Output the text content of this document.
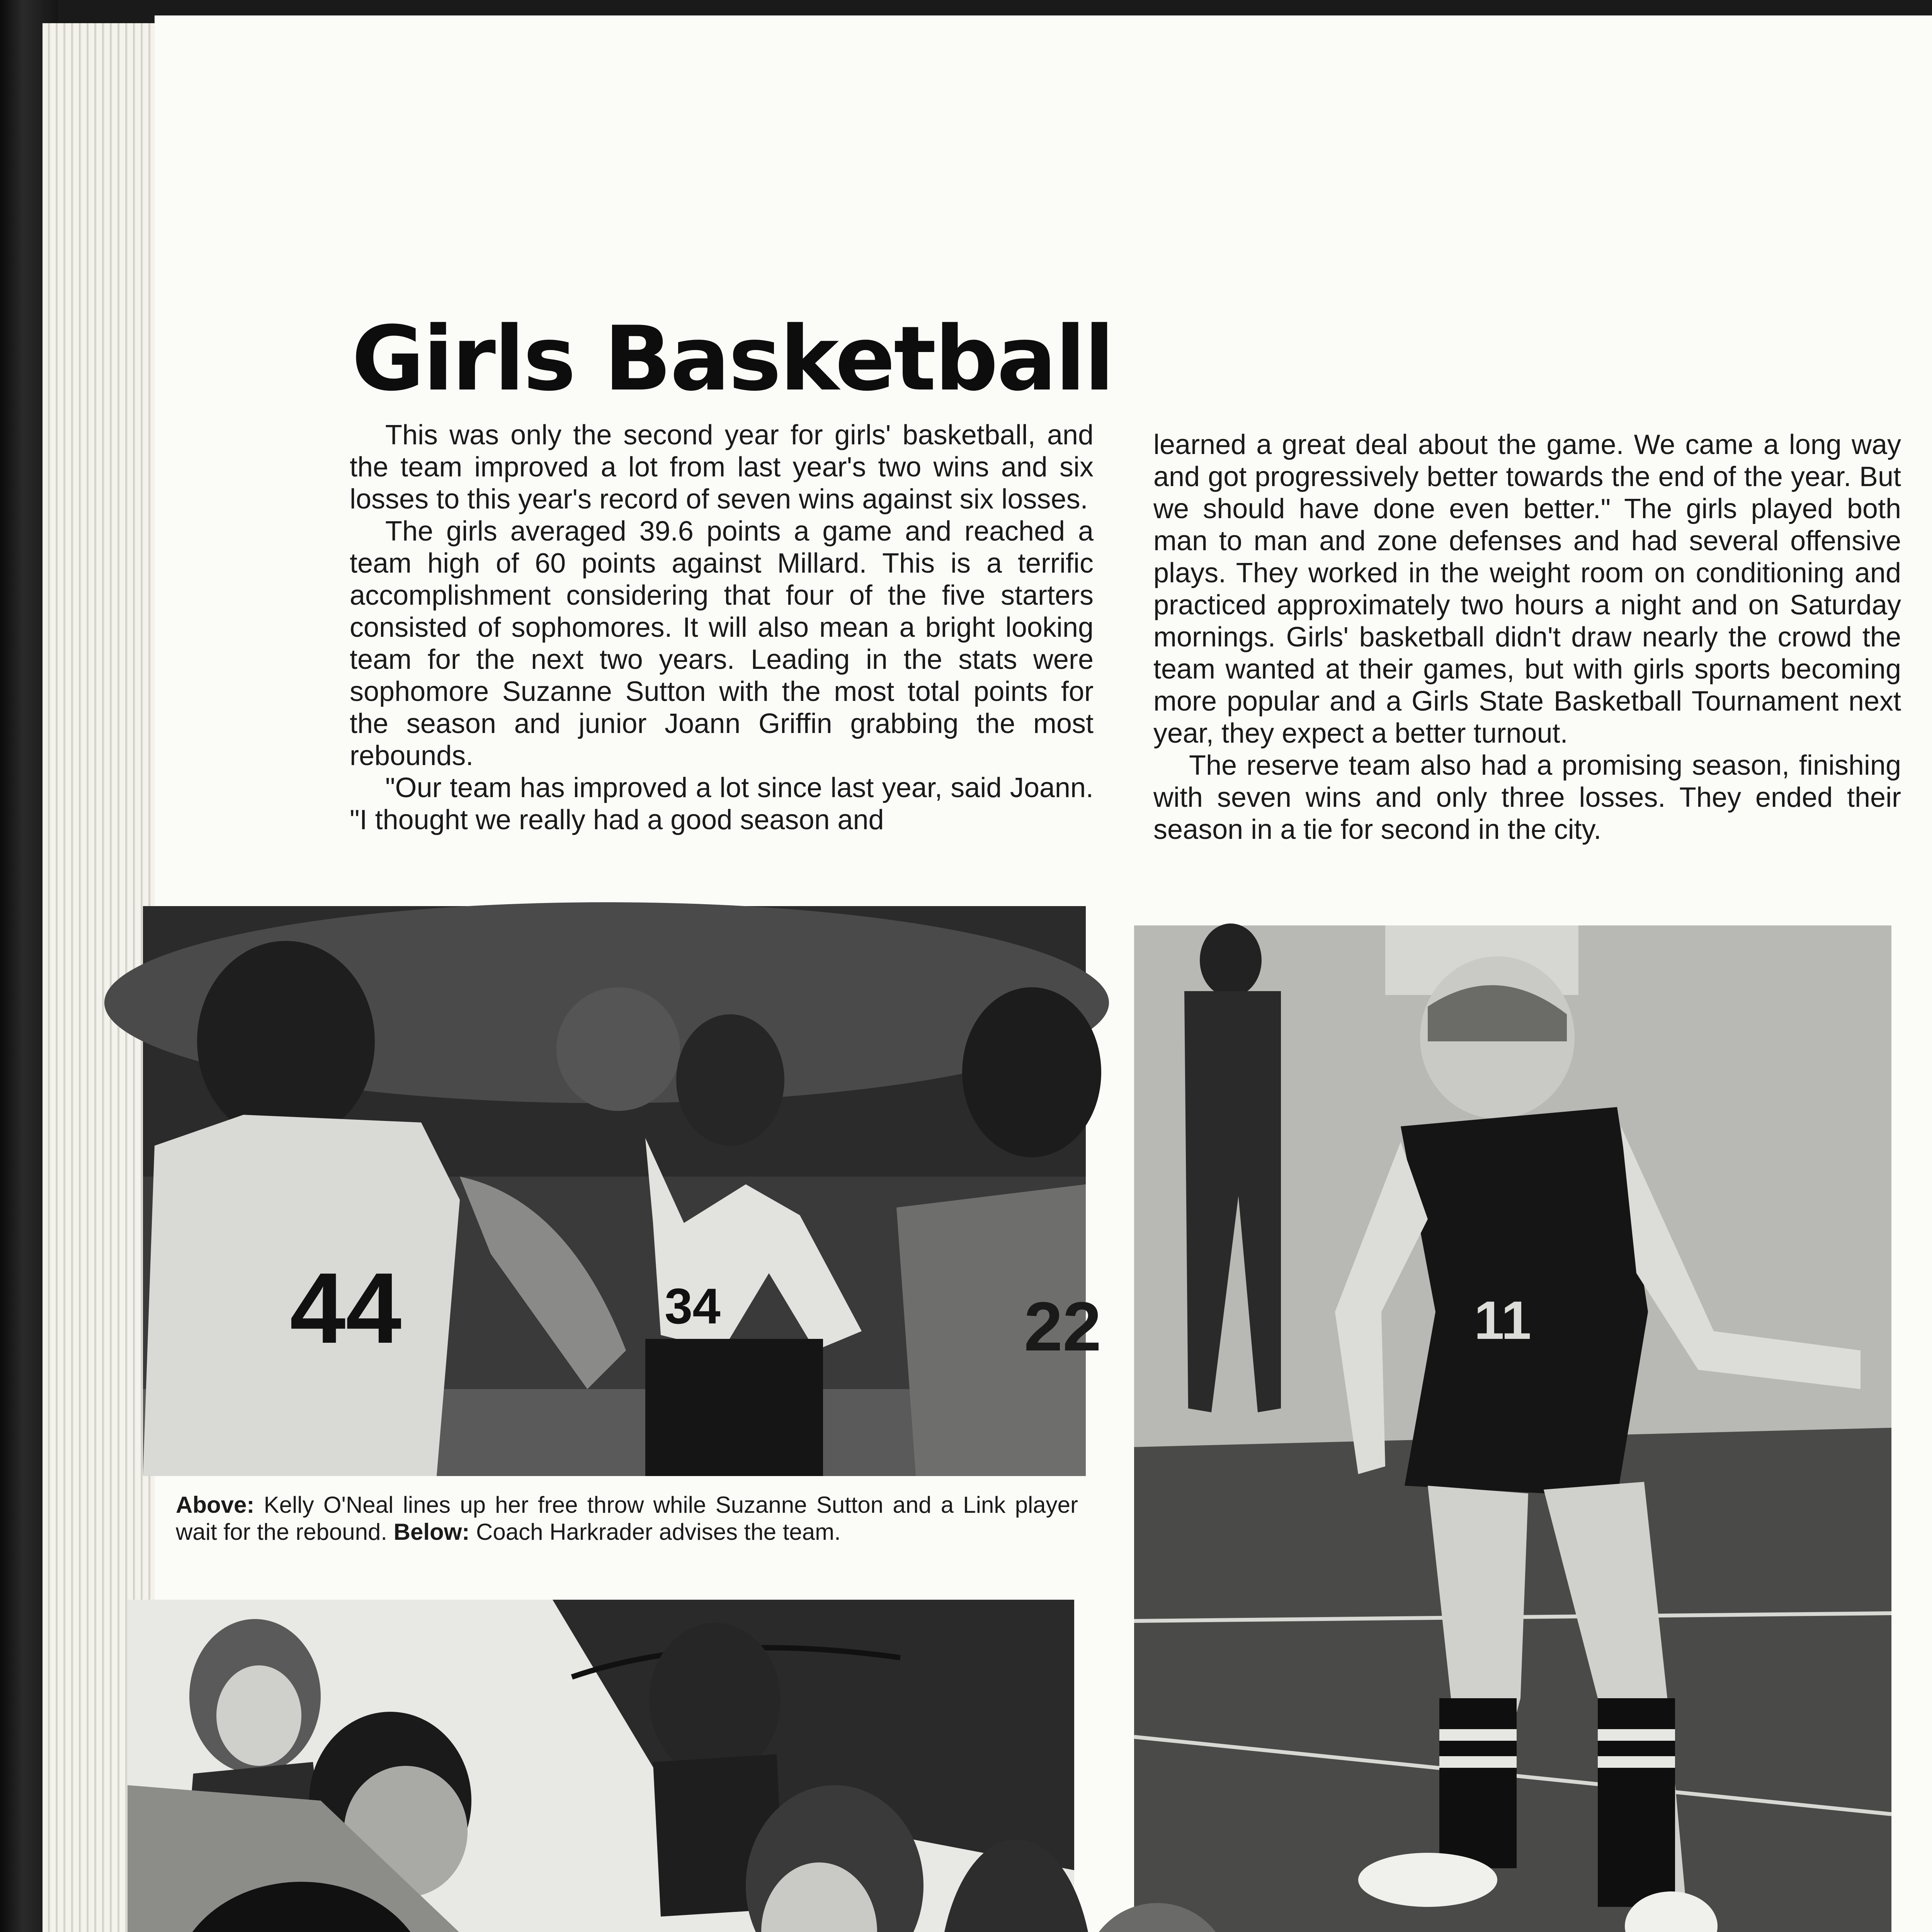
Girls Basketball

This was only the second year for girls' basketball, and the team improved a lot from last year's two wins and six losses to this year's record of seven wins against six losses.

The girls averaged 39.6 points a game and reached a team high of 60 points against Millard. This is a terrific accomplishment considering that four of the five starters consisted of sophomores. It will also mean a bright looking team for the next two years. Leading in the stats were sophomore Suzanne Sutton with the most total points for the season and junior Joann Griffin grabbing the most rebounds.

"Our team has improved a lot since last year, said Joann. "I thought we really had a good season and

learned a great deal about the game. We came a long way and got progressively better towards the end of the year. But we should have done even better." The girls played both man to man and zone defenses and had several offensive plays. They worked in the weight room on conditioning and practiced approximately two hours a night and on Saturday mornings. Girls' basketball didn't draw nearly the crowd the team wanted at their games, but with girls sports becoming more popular and a Girls State Basketball Tournament next year, they expect a better turnout.

The reserve team also had a promising season, finishing with seven wins and only three losses. They ended their season in a tie for second in the city.

44	34	22
Above: Kelly O'Neal lines up her free throw while Suzanne Sutton and a Link player wait for the rebound. Below: Coach Harkrader advises the team.
11
